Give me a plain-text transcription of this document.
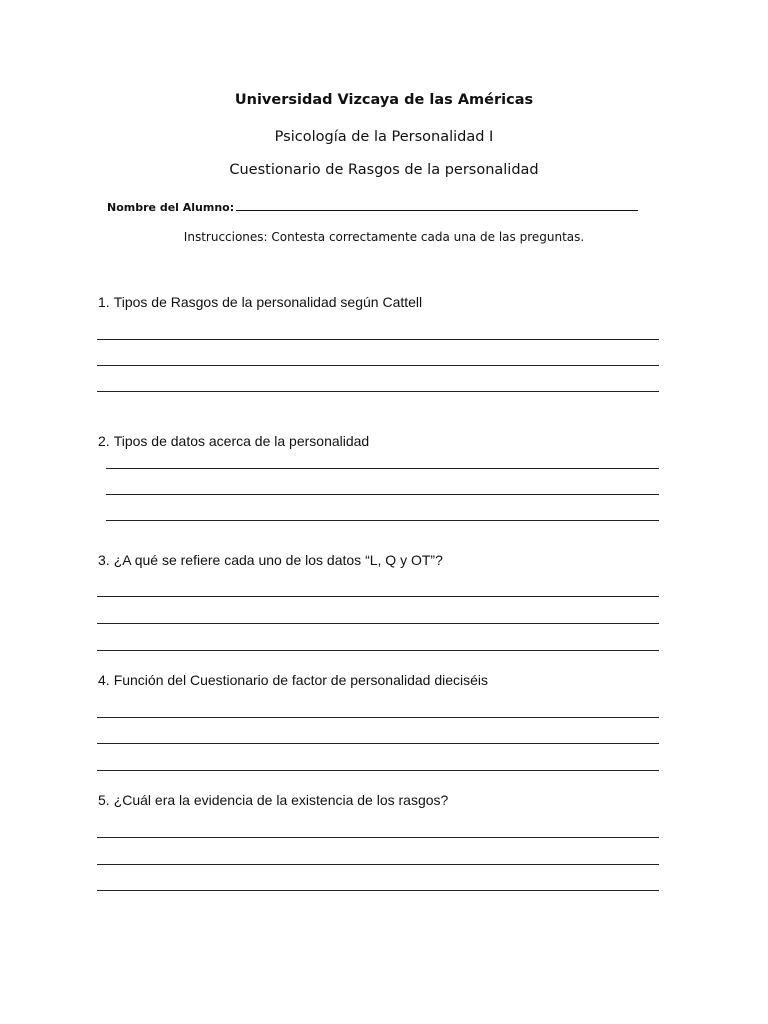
Universidad Vizcaya de las Américas
Psicología de la Personalidad I
Cuestionario de Rasgos de la personalidad
Nombre del Alumno:
Instrucciones: Contesta correctamente cada una de las preguntas.
1. Tipos de Rasgos de la personalidad según Cattell
2. Tipos de datos acerca de la personalidad
3. ¿A qué se refiere cada uno de los datos “L, Q y OT”?
4. Función del Cuestionario de factor de personalidad dieciséis
5. ¿Cuál era la evidencia de la existencia de los rasgos?
